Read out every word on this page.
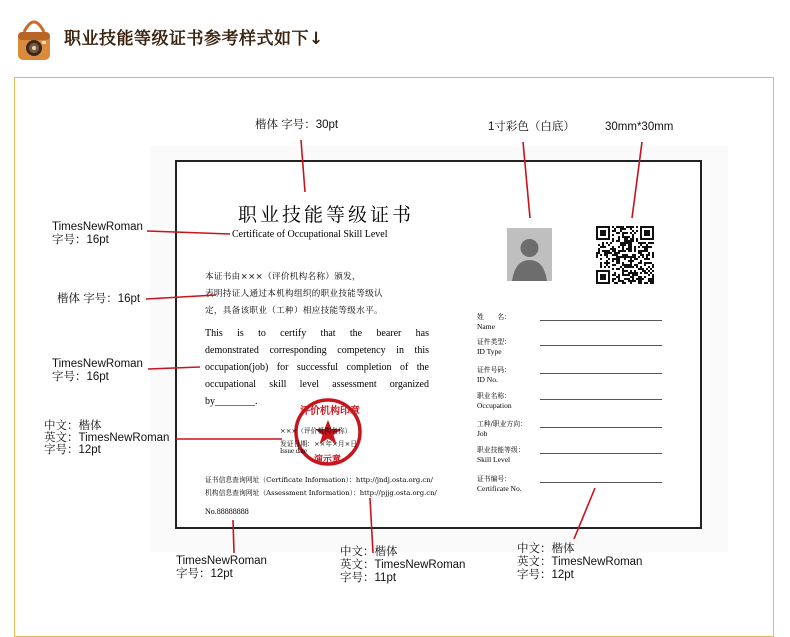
职业技能等级证书参考样式如下↓
职业技能等级证书
Certificate of Occupational Skill Level
本证书由×××（评价机构名称）颁发，
表明持证人通过本机构组织的职业技能等级认
定，具备该职业（工种）相应技能等级水平。
This is to certify that the bearer has
demonstrated corresponding competency in this
occupation(job) for successful completion of the
occupational skill level assessment organized
by________.
评价机构印章
演示章
×××（评价机构名称）
发证日期：××年×月×日
Issue date
证书信息查询网址（Certificate Information）：http://jndj.osta.org.cn/
机构信息查询网址（Assessment Information）：http://pjjg.osta.org.cn/
No.88888888
姓　　名：
Name
证件类型：
ID Type
证件号码：
ID No.
职业名称：
Occupation
工种/职业方向：
Job
职业技能等级：
Skill Level
证书编号：
Certificate No.
楷体 字号：30pt	1寸彩色（白底）	30mm*30mm
TimesNewRoman
字号：16pt
楷体 字号：16pt
TimesNewRoman
字号：16pt
中文：楷体
英文：TimesNewRoman
字号：12pt
TimesNewRoman
字号：12pt
中文：楷体
英文：TimesNewRoman
字号：11pt
中文：楷体
英文：TimesNewRoman
字号：12pt
